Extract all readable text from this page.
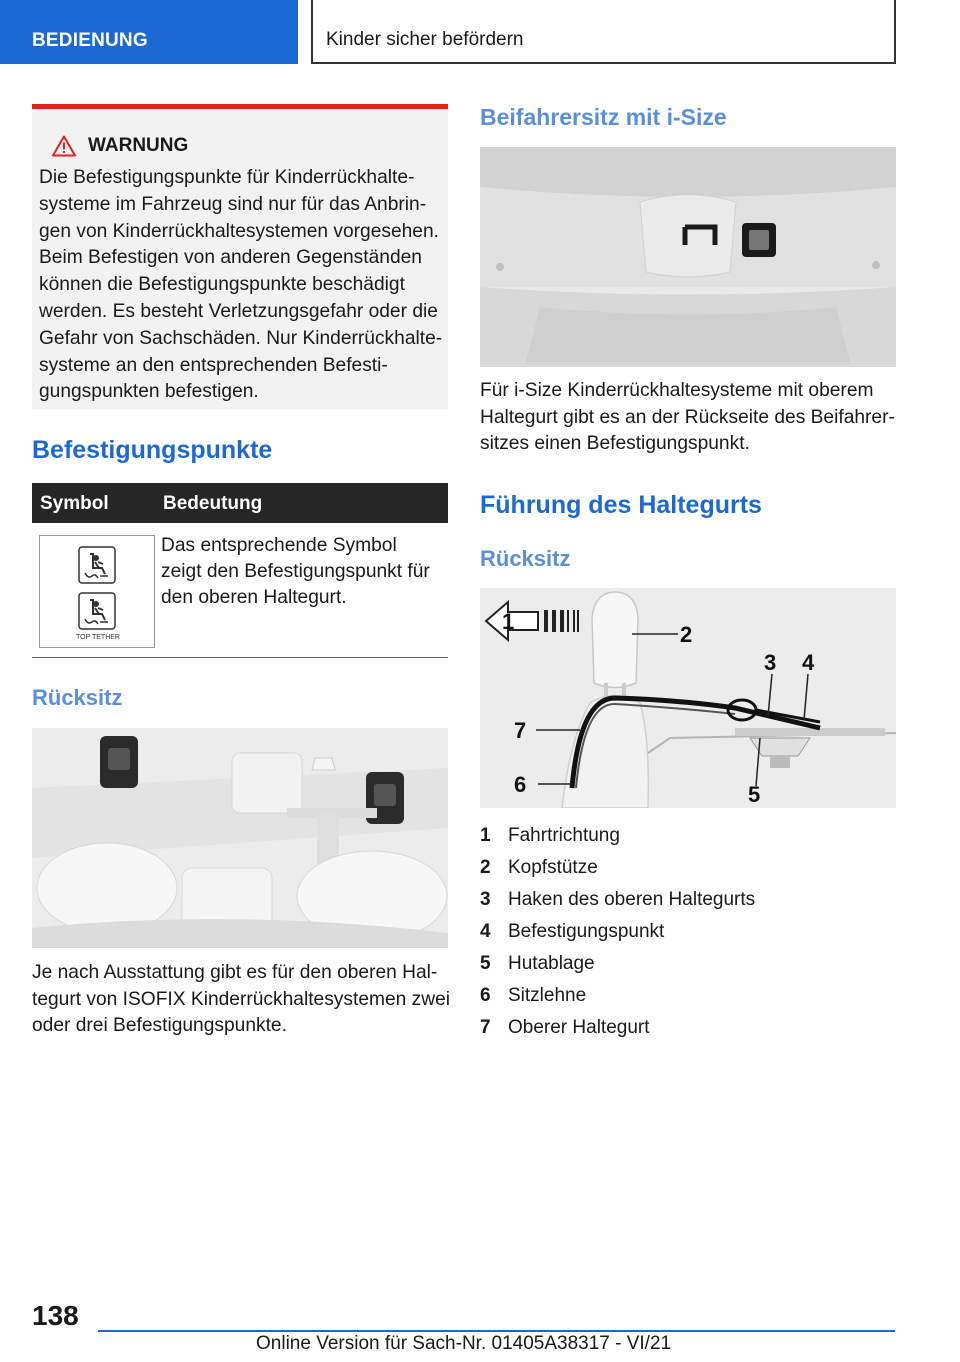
BEDIENUNG	Kinder sicher befördern
WARNUNG
Die Befestigungspunkte für Kinderrückhalte-
systeme im Fahrzeug sind nur für das Anbrin-
gen von Kinderrückhaltesystemen vorgesehen.
Beim Befestigen von anderen Gegenständen
können die Befestigungspunkte beschädigt
werden. Es besteht Verletzungsgefahr oder die
Gefahr von Sachschäden. Nur Kinderrückhalte-
systeme an den entsprechenden Befesti-
gungspunkten befestigen.
Befestigungspunkte
Symbol	Bedeutung
TOP TETHER
Das entsprechende Symbol
zeigt den Befestigungspunkt für
den oberen Haltegurt.
Rücksitz
Je nach Ausstattung gibt es für den oberen Hal-
tegurt von ISOFIX Kinderrückhaltesystemen zwei
oder drei Befestigungspunkte.
Beifahrersitz mit i-Size
Für i-Size Kinderrückhaltesysteme mit oberem
Haltegurt gibt es an der Rückseite des Beifahrer-
sitzes einen Befestigungspunkt.
Führung des Haltegurts
Rücksitz
1
2
3 4
5
6
7
1 Fahrtrichtung
2 Kopfstütze
3 Haken des oberen Haltegurts
4 Befestigungspunkt
5 Hutablage
6 Sitzlehne
7 Oberer Haltegurt
138
Online Version für Sach-Nr. 01405A38317 - VI/21
